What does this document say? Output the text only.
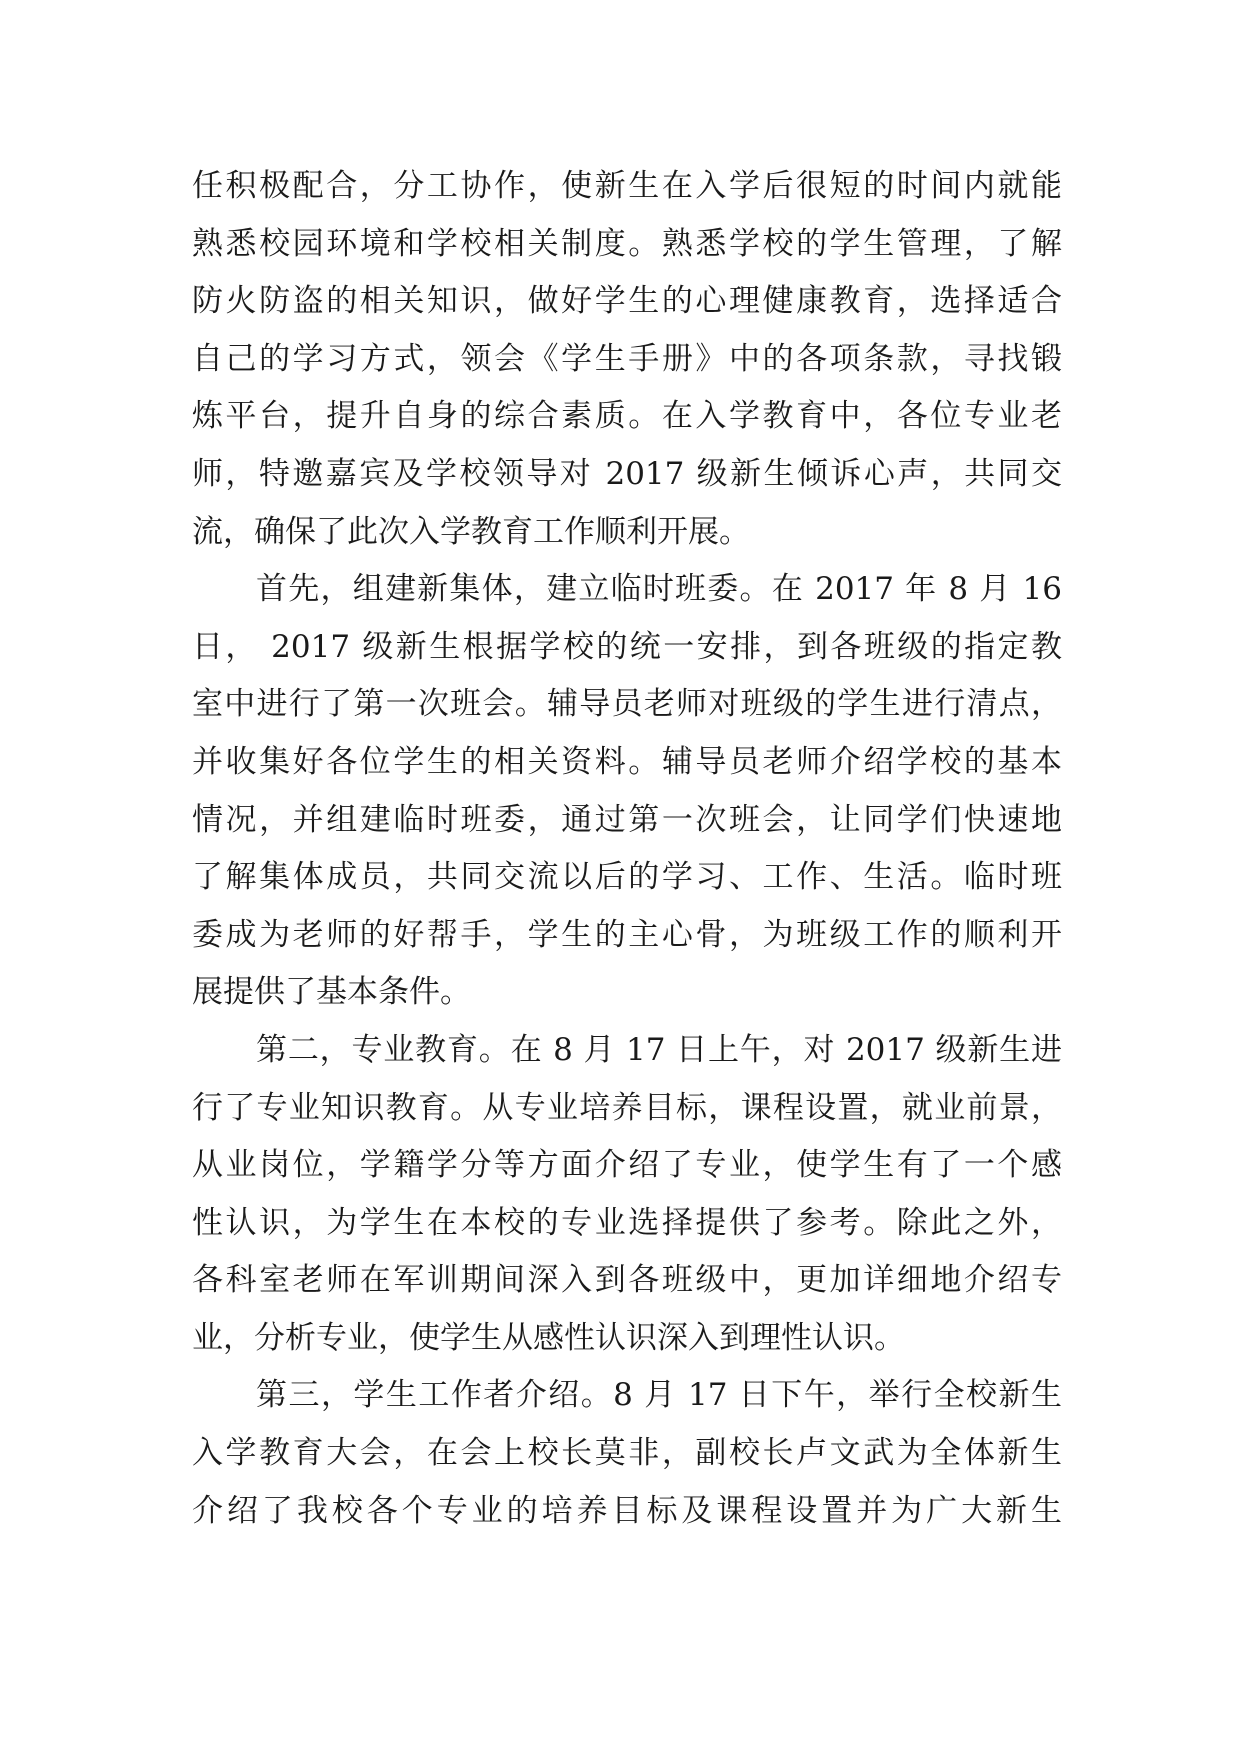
任积极配合，分工协作，使新生在入学后很短的时间内就能
熟悉校园环境和学校相关制度。熟悉学校的学生管理，了解
防火防盗的相关知识，做好学生的心理健康教育，选择适合
自己的学习方式，领会《学生手册》中的各项条款，寻找锻
炼平台，提升自身的综合素质。在入学教育中，各位专业老
师，特邀嘉宾及学校领导对 2017 级新生倾诉心声，共同交
流，确保了此次入学教育工作顺利开展。
首先，组建新集体，建立临时班委。在 2017 年 8 月 16
日， 2017 级新生根据学校的统一安排，到各班级的指定教
室中进行了第一次班会。辅导员老师对班级的学生进行清点，
并收集好各位学生的相关资料。辅导员老师介绍学校的基本
情况，并组建临时班委，通过第一次班会，让同学们快速地
了解集体成员，共同交流以后的学习、工作、生活。临时班
委成为老师的好帮手，学生的主心骨，为班级工作的顺利开
展提供了基本条件。
第二，专业教育。在 8 月 17 日上午，对 2017 级新生进
行了专业知识教育。从专业培养目标，课程设置，就业前景，
从业岗位，学籍学分等方面介绍了专业，使学生有了一个感
性认识，为学生在本校的专业选择提供了参考。除此之外，
各科室老师在军训期间深入到各班级中，更加详细地介绍专
业，分析专业，使学生从感性认识深入到理性认识。
第三，学生工作者介绍。8 月 17 日下午，举行全校新生
入学教育大会，在会上校长莫非，副校长卢文武为全体新生
介绍了我校各个专业的培养目标及课程设置并为广大新生
